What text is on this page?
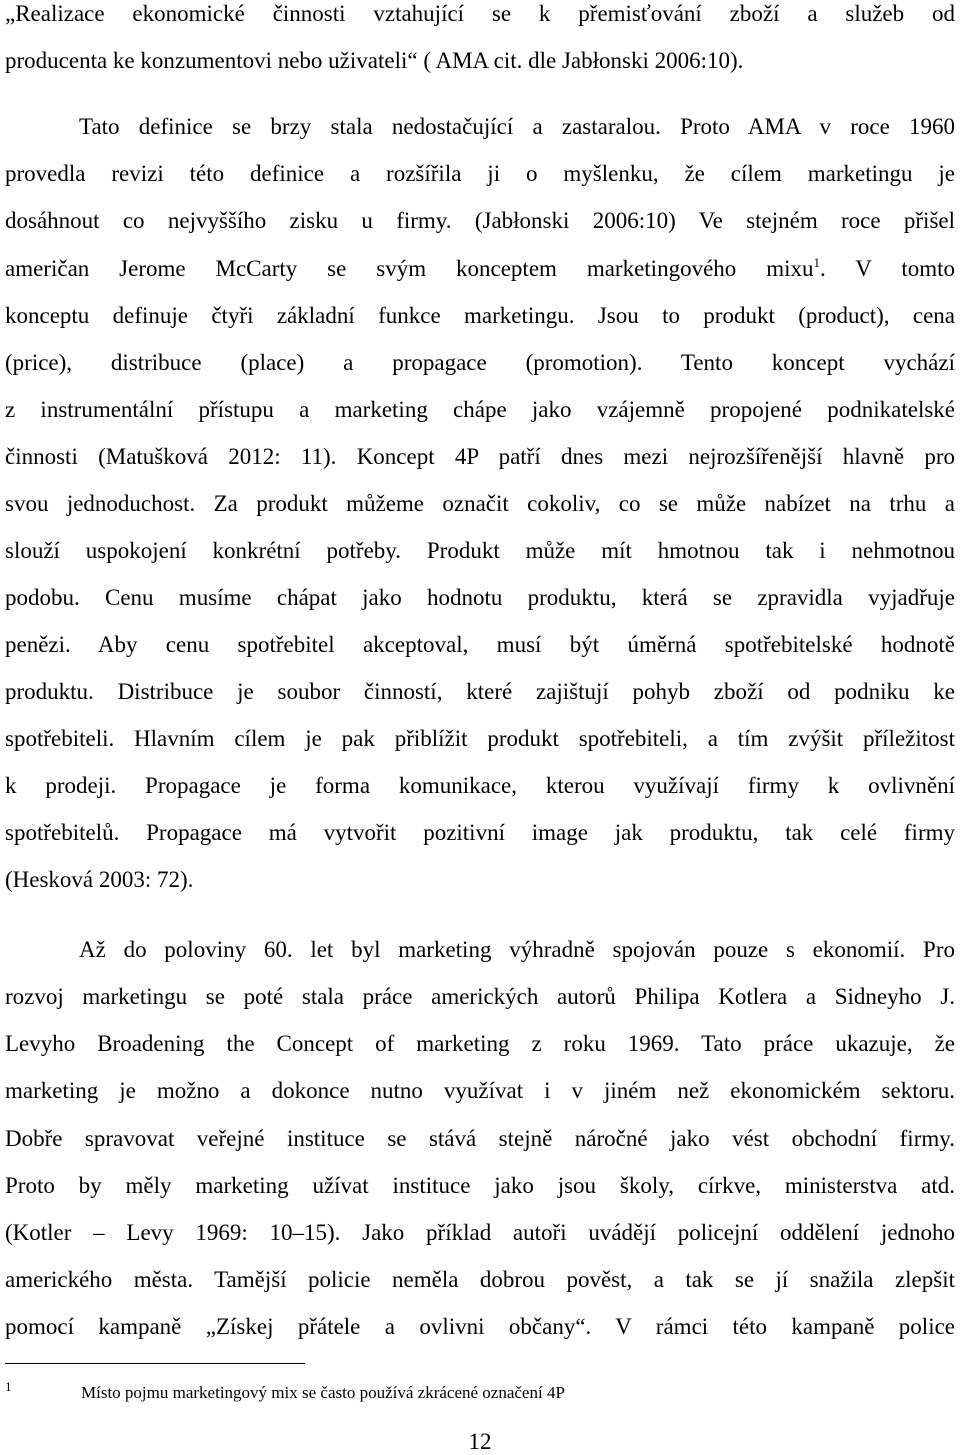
„Realizace ekonomické činnosti vztahující se k přemisťování zboží a služeb od
producenta ke konzumentovi nebo uživateli“ ( AMA cit. dle Jabłonski 2006:10).
Tato definice se brzy stala nedostačující a zastaralou. Proto AMA v roce 1960
provedla revizi této definice a rozšířila ji o myšlenku, že cílem marketingu je
dosáhnout co nejvyššího zisku u firmy. (Jabłonski 2006:10) Ve stejném roce přišel
američan Jerome McCarty se svým konceptem marketingového mixu$^1$. V tomto
konceptu definuje čtyři základní funkce marketingu. Jsou to produkt (product), cena
(price), distribuce (place) a propagace (promotion). Tento koncept vychází
z instrumentální přístupu a marketing chápe jako vzájemně propojené podnikatelské
činnosti (Matušková 2012: 11). Koncept 4P patří dnes mezi nejrozšířenější hlavně pro
svou jednoduchost. Za produkt můžeme označit cokoliv, co se může nabízet na trhu a
slouží uspokojení konkrétní potřeby. Produkt může mít hmotnou tak i nehmotnou
podobu. Cenu musíme chápat jako hodnotu produktu, která se zpravidla vyjadřuje
penězi. Aby cenu spotřebitel akceptoval, musí být úměrná spotřebitelské hodnotě
produktu. Distribuce je soubor činností, které zajištují pohyb zboží od podniku ke
spotřebiteli. Hlavním cílem je pak přiblížit produkt spotřebiteli, a tím zvýšit příležitost
k prodeji. Propagace je forma komunikace, kterou využívají firmy k ovlivnění
spotřebitelů. Propagace má vytvořit pozitivní image jak produktu, tak celé firmy
(Hesková 2003: 72).
Až do poloviny 60. let byl marketing výhradně spojován pouze s ekonomií. Pro
rozvoj marketingu se poté stala práce amerických autorů Philipa Kotlera a Sidneyho J.
Levyho Broadening the Concept of marketing z roku 1969. Tato práce ukazuje, že
marketing je možno a dokonce nutno využívat i v jiném než ekonomickém sektoru.
Dobře spravovat veřejné instituce se stává stejně náročné jako vést obchodní firmy.
Proto by měly marketing užívat instituce jako jsou školy, církve, ministerstva atd.
(Kotler – Levy 1969: 10–15). Jako příklad autoři uvádějí policejní oddělení jednoho
amerického města. Tamější policie neměla dobrou pověst, a tak se jí snažila zlepšit
pomocí kampaně „Získej přátele a ovlivni občany“. V rámci této kampaně police
1	Místo pojmu marketingový mix se často používá zkrácené označení 4P
12
